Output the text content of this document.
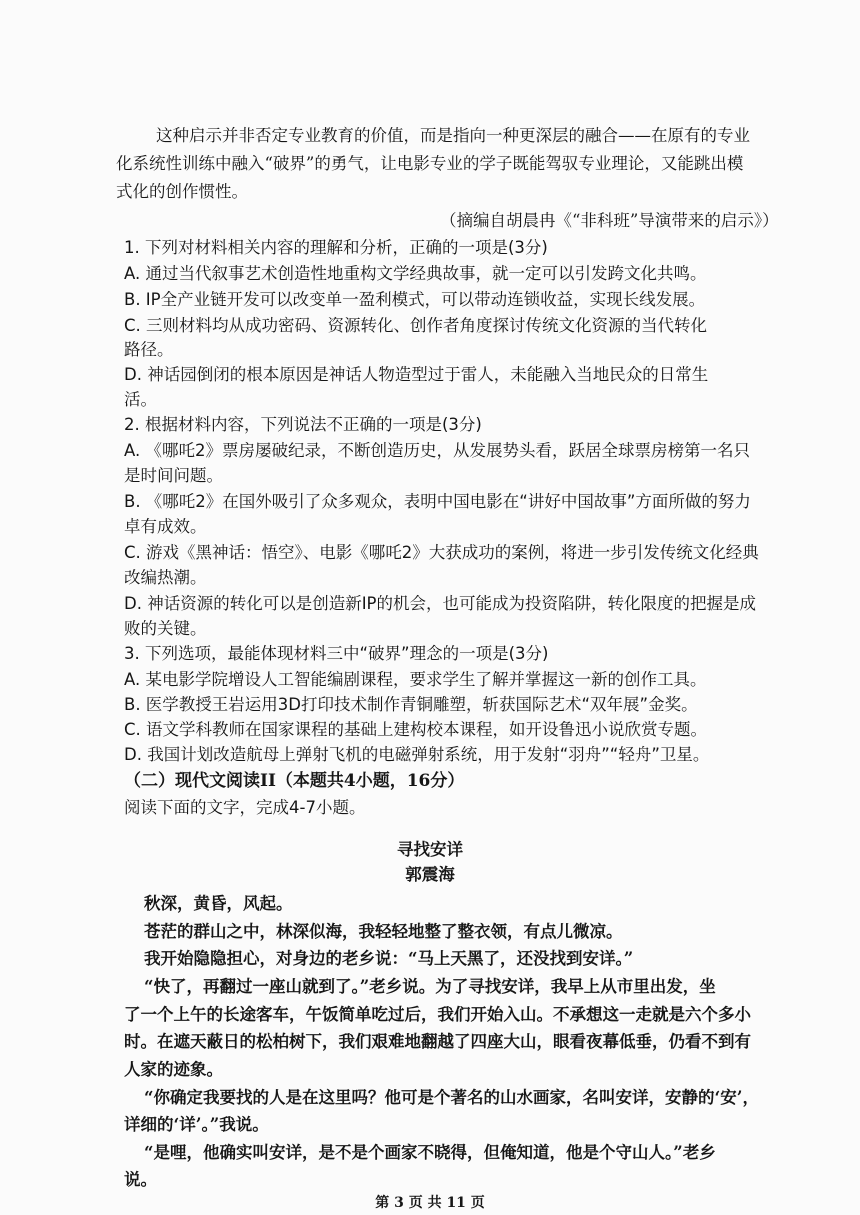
这种启示并非否定专业教育的价值，而是指向一种更深层的融合——在原有的专业
化系统性训练中融入“破界”的勇气，让电影专业的学子既能驾驭专业理论，又能跳出模
式化的创作惯性。
（摘编自胡晨冉《“非科班”导演带来的启示》）
1. 下列对材料相关内容的理解和分析，正确的一项是(3分)
A. 通过当代叙事艺术创造性地重构文学经典故事，就一定可以引发跨文化共鸣。
B. IP全产业链开发可以改变单一盈利模式，可以带动连锁收益，实现长线发展。
C. 三则材料均从成功密码、资源转化、创作者角度探讨传统文化资源的当代转化
路径。
D. 神话园倒闭的根本原因是神话人物造型过于雷人，未能融入当地民众的日常生
活。
2. 根据材料内容，下列说法不正确的一项是(3分)
A. 《哪吒2》票房屡破纪录，不断创造历史，从发展势头看，跃居全球票房榜第一名只
是时间问题。
B. 《哪吒2》在国外吸引了众多观众，表明中国电影在“讲好中国故事”方面所做的努力
卓有成效。
C. 游戏《黑神话：悟空》、电影《哪吒2》大获成功的案例，将进一步引发传统文化经典
改编热潮。
D. 神话资源的转化可以是创造新IP的机会，也可能成为投资陷阱，转化限度的把握是成
败的关键。
3. 下列选项，最能体现材料三中“破界”理念的一项是(3分)
A. 某电影学院增设人工智能编剧课程，要求学生了解并掌握这一新的创作工具。
B. 医学教授王岩运用3D打印技术制作青铜雕塑，斩获国际艺术“双年展”金奖。
C. 语文学科教师在国家课程的基础上建构校本课程，如开设鲁迅小说欣赏专题。
D. 我国计划改造航母上弹射飞机的电磁弹射系统，用于发射“羽舟”“轻舟”卫星。
（二）现代文阅读II（本题共4小题，16分）
阅读下面的文字，完成4-7小题。
寻找安详
郭震海
秋深，黄昏，风起。
苍茫的群山之中，林深似海，我轻轻地整了整衣领，有点儿微凉。
我开始隐隐担心，对身边的老乡说：“马上天黑了，还没找到安详。”
“快了，再翻过一座山就到了。”老乡说。为了寻找安详，我早上从市里出发，坐
了一个上午的长途客车，午饭简单吃过后，我们开始入山。不承想这一走就是六个多小
时。在遮天蔽日的松柏树下，我们艰难地翻越了四座大山，眼看夜幕低垂，仍看不到有
人家的迹象。
“你确定我要找的人是在这里吗？他可是个著名的山水画家，名叫安详，安静的‘安’，
详细的‘详’。”我说。
“是哩，他确实叫安详，是不是个画家不晓得，但俺知道，他是个守山人。”老乡
说。
第 3 页 共 11 页
